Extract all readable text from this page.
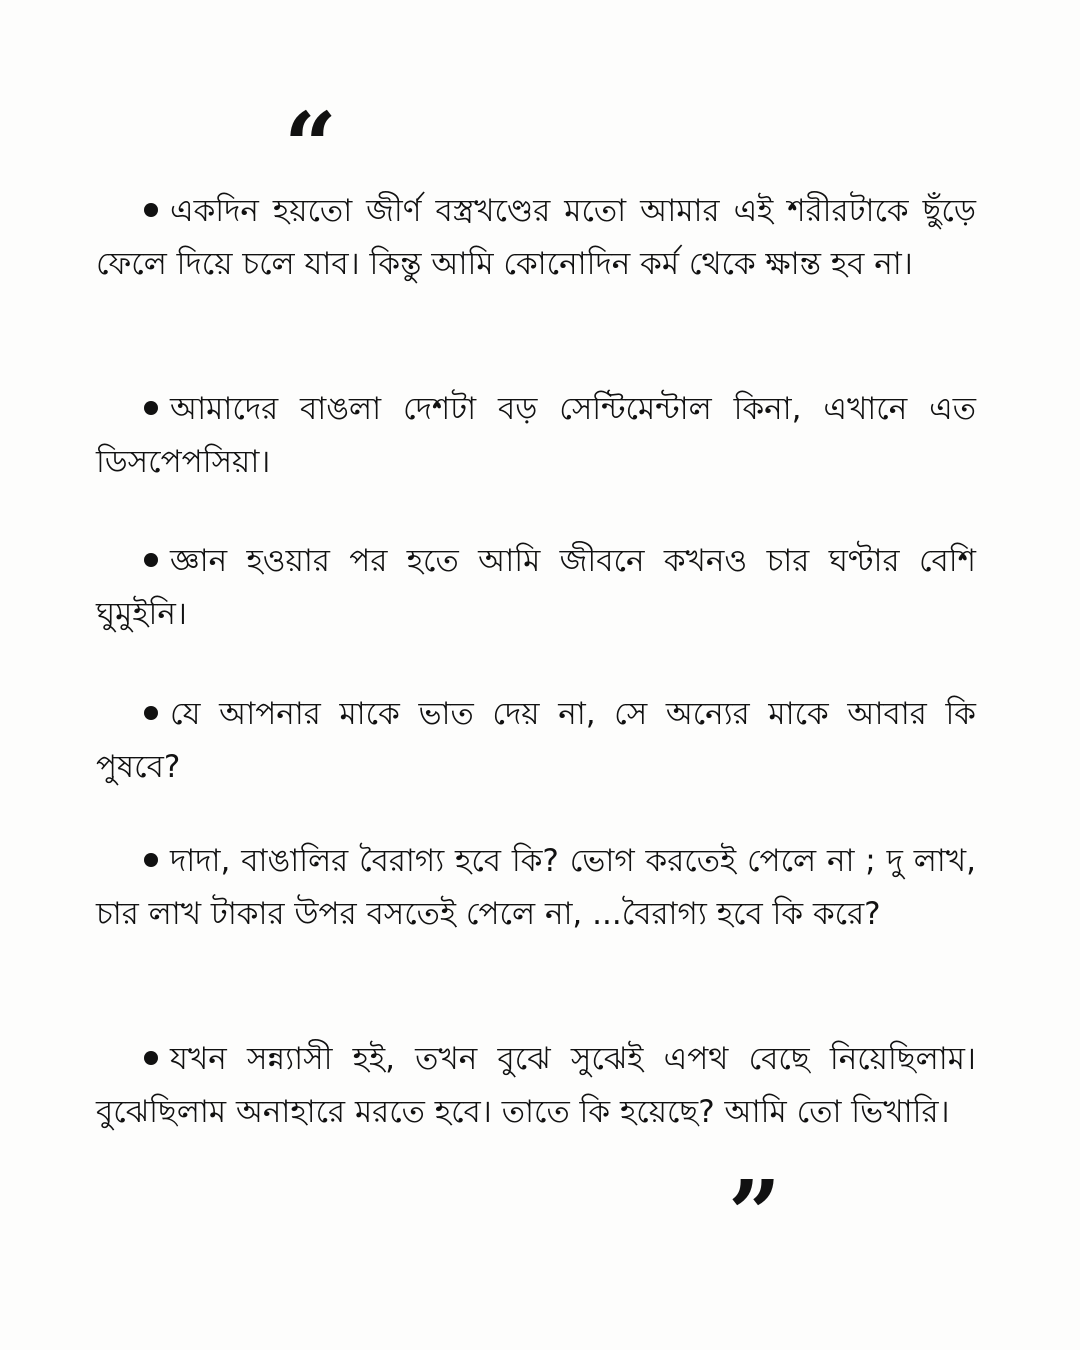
“

একদিন হয়তো জীর্ণ বস্ত্রখণ্ডের মতো আমার এই শরীরটাকে ছুঁড়ে ফেলে দিয়ে চলে যাব। কিন্তু আমি কোনোদিন কর্ম থেকে ক্ষান্ত হব না।

আমাদের বাঙলা দেশটা বড় সেন্টিমেন্টাল কিনা, এখানে এত ডিসপেপসিয়া।

জ্ঞান হওয়ার পর হতে আমি জীবনে কখনও চার ঘণ্টার বেশি ঘুমুইনি।

যে আপনার মাকে ভাত দেয় না, সে অন্যের মাকে আবার কি পুষবে?

দাদা, বাঙালির বৈরাগ্য হবে কি? ভোগ করতেই পেলে না ; দু লাখ, চার লাখ টাকার উপর বসতেই পেলে না, ...বৈরাগ্য হবে কি করে?

যখন সন্ন্যাসী হই, তখন বুঝে সুঝেই এপথ বেছে নিয়েছিলাম। বুঝেছিলাম অনাহারে মরতে হবে। তাতে কি হয়েছে? আমি তো ভিখারি।

”
